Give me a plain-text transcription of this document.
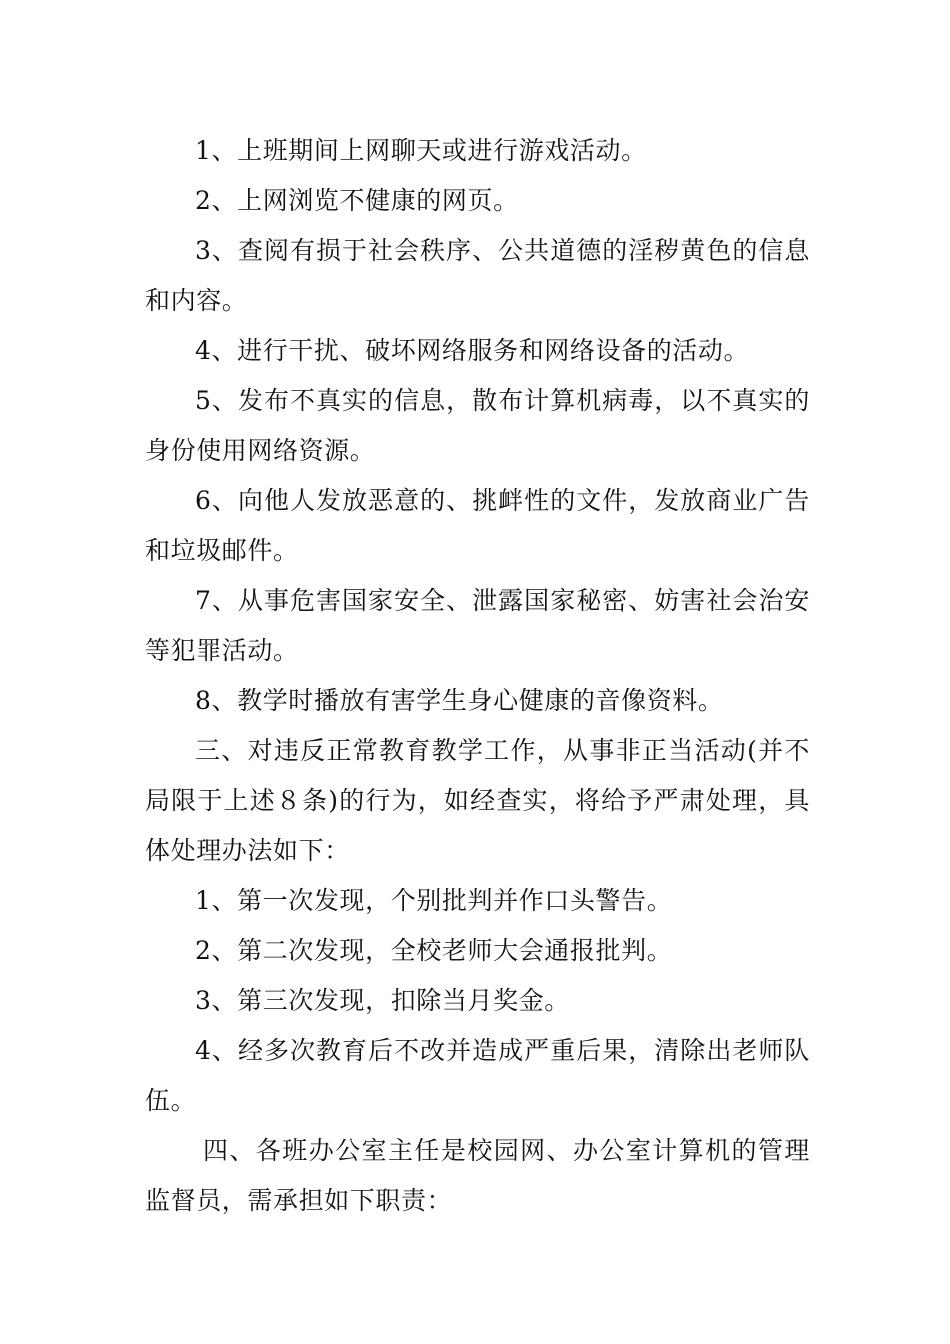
1、上班期间上网聊天或进行游戏活动。

2、上网浏览不健康的网页。

3、查阅有损于社会秩序、公共道德的淫秽黄色的信息和内容。

4、进行干扰、破坏网络服务和网络设备的活动。

5、发布不真实的信息，散布计算机病毒，以不真实的身份使用网络资源。

6、向他人发放恶意的、挑衅性的文件，发放商业广告和垃圾邮件。

7、从事危害国家安全、泄露国家秘密、妨害社会治安等犯罪活动。

8、教学时播放有害学生身心健康的音像资料。

三、对违反正常教育教学工作，从事非正当活动(并不局限于上述８条)的行为，如经查实，将给予严肃处理，具体处理办法如下：

1、第一次发现，个别批判并作口头警告。

2、第二次发现，全校老师大会通报批判。

3、第三次发现，扣除当月奖金。

4、经多次教育后不改并造成严重后果，清除出老师队伍。

四、各班办公室主任是校园网、办公室计算机的管理监督员，需承担如下职责：
